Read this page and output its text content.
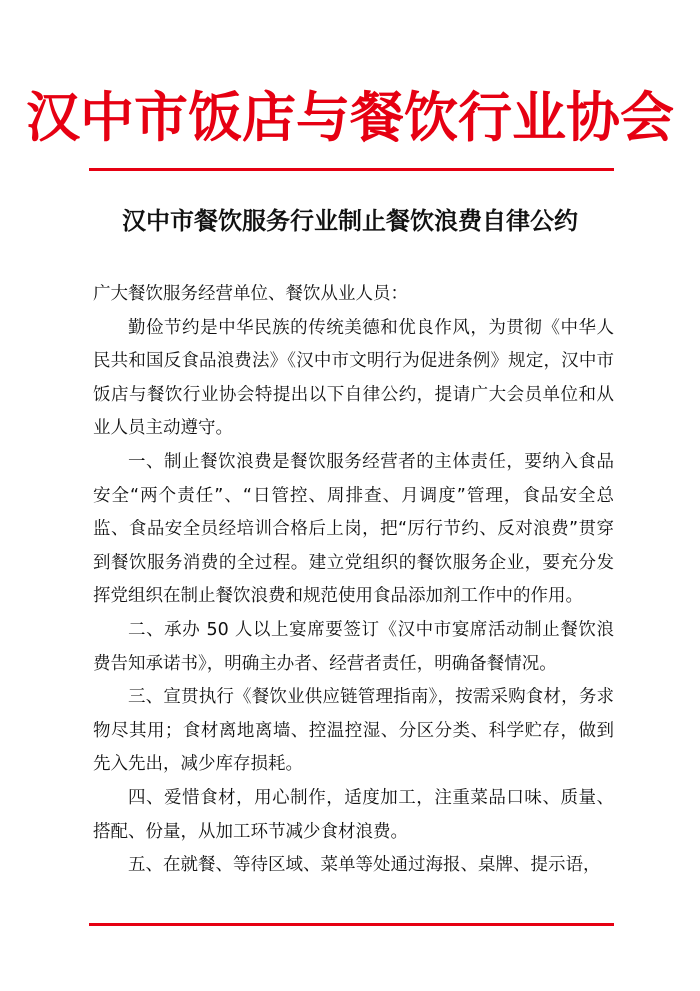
汉中市饭店与餐饮行业协会
汉中市餐饮服务行业制止餐饮浪费自律公约

广大餐饮服务经营单位、餐饮从业人员：

勤俭节约是中华民族的传统美德和优良作风，为贯彻《中华人民共和国反食品浪费法》《汉中市文明行为促进条例》规定，汉中市饭店与餐饮行业协会特提出以下自律公约，提请广大会员单位和从业人员主动遵守。

一、制止餐饮浪费是餐饮服务经营者的主体责任，要纳入食品安全“两个责任”、“日管控、周排查、月调度”管理，食品安全总监、食品安全员经培训合格后上岗，把“厉行节约、反对浪费”贯穿到餐饮服务消费的全过程。建立党组织的餐饮服务企业，要充分发挥党组织在制止餐饮浪费和规范使用食品添加剂工作中的作用。

二、承办 50 人以上宴席要签订《汉中市宴席活动制止餐饮浪费告知承诺书》，明确主办者、经营者责任，明确备餐情况。

三、宣贯执行《餐饮业供应链管理指南》，按需采购食材，务求物尽其用；食材离地离墙、控温控湿、分区分类、科学贮存，做到先入先出，减少库存损耗。

四、爱惜食材，用心制作，适度加工，注重菜品口味、质量、搭配、份量，从加工环节减少食材浪费。

五、在就餐、等待区域、菜单等处通过海报、桌牌、提示语，
